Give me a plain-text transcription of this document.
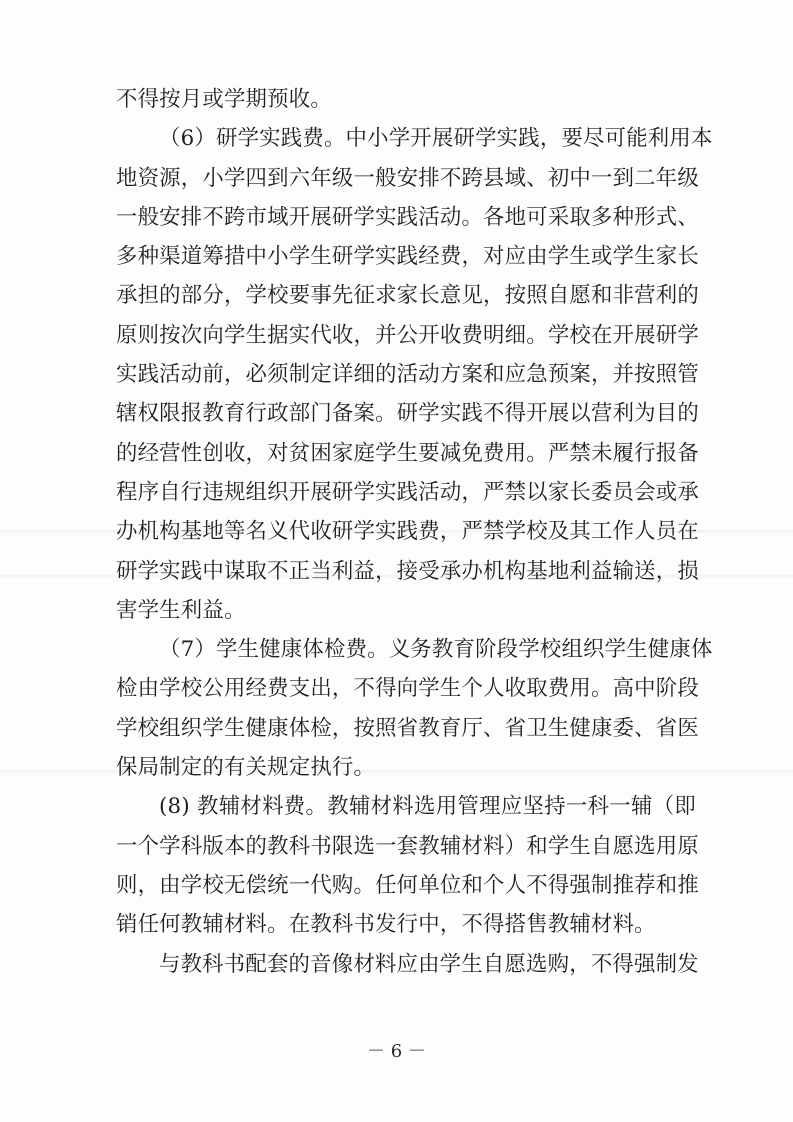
不得按月或学期预收。
（6）研学实践费。中小学开展研学实践，要尽可能利用本
地资源，小学四到六年级一般安排不跨县域、初中一到二年级
一般安排不跨市域开展研学实践活动。各地可采取多种形式、
多种渠道筹措中小学生研学实践经费，对应由学生或学生家长
承担的部分，学校要事先征求家长意见，按照自愿和非营利的
原则按次向学生据实代收，并公开收费明细。学校在开展研学
实践活动前，必须制定详细的活动方案和应急预案，并按照管
辖权限报教育行政部门备案。研学实践不得开展以营利为目的
的经营性创收，对贫困家庭学生要减免费用。严禁未履行报备
程序自行违规组织开展研学实践活动，严禁以家长委员会或承
办机构基地等名义代收研学实践费，严禁学校及其工作人员在
研学实践中谋取不正当利益，接受承办机构基地利益输送，损
害学生利益。
（7）学生健康体检费。义务教育阶段学校组织学生健康体
检由学校公用经费支出，不得向学生个人收取费用。高中阶段
学校组织学生健康体检，按照省教育厅、省卫生健康委、省医
保局制定的有关规定执行。
(8) 教辅材料费。教辅材料选用管理应坚持一科一辅（即
一个学科版本的教科书限选一套教辅材料）和学生自愿选用原
则，由学校无偿统一代购。任何单位和个人不得强制推荐和推
销任何教辅材料。在教科书发行中，不得搭售教辅材料。
与教科书配套的音像材料应由学生自愿选购，不得强制发
－ 6 －
